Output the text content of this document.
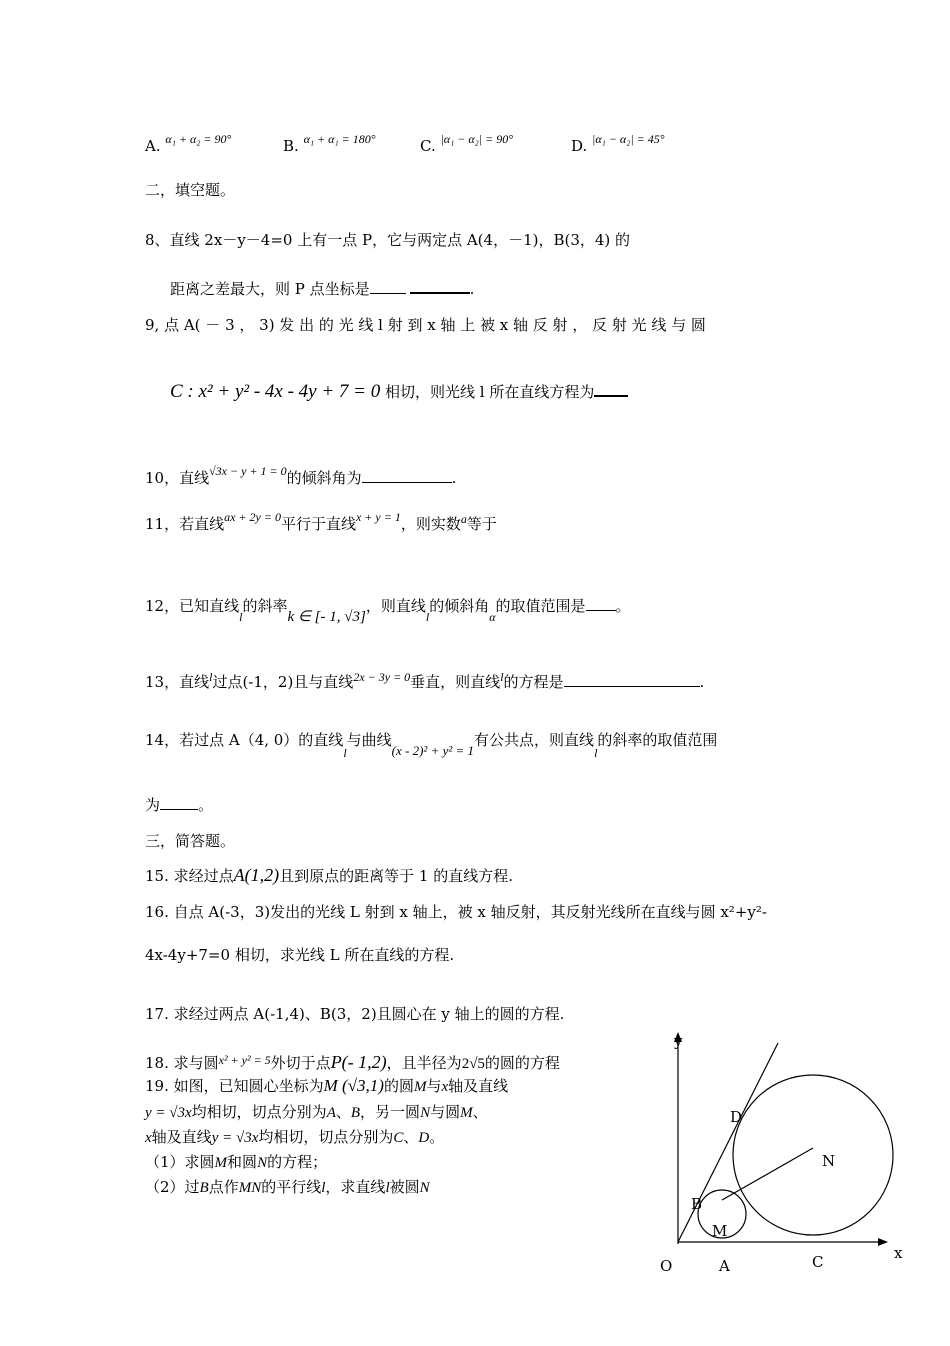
A. $^{\alpha_1 + \alpha_2 = 90^\circ}$	B. $^{\alpha_1 + \alpha_1 = 180^\circ}$	C. $^{|\alpha_1 - \alpha_2| = 90^\circ}$	D. $^{|\alpha_1 - \alpha_2| = 45^\circ}$
二，填空题。
8、直线 2x－y－4=0 上有一点 P，它与两定点 A(4，－1)，B(3，4) 的
距离之差最大，则 P 点坐标是	.
9, 点 A( － 3 ， 3) 发 出 的 光 线 l 射 到 x 轴 上 被 x 轴 反 射 ， 反 射 光 线 与 圆
C : x² + y² - 4x - 4y + 7 = 0 相切，则光线 l 所在直线方程为
10，直线$^{√3x - y + 1 = 0}$的倾斜角为	.
11，若直线$^{ax + 2y = 0}$平行于直线$^{x + y = 1}$，则实数$^a$等于
12，已知直线$_l$的斜率k ∈ [- 1, √3]，则直线$_l$的倾斜角$_\alpha$的取值范围是 。
13，直线$^l$过点(-1，2)且与直线$^{2x - 3y = 0}$垂直，则直线$^l$的方程是	.
14，若过点 A（4, 0）的直线$_l$与曲线(x - 2)² + y² = 1有公共点，则直线$_l$的斜率的取值范围
为	。
三，简答题。
15. 求经过点A(1,2)且到原点的距离等于 1 的直线方程.
16. 自点 A(-3，3)发出的光线 L 射到 x 轴上，被 x 轴反射，其反射光线所在直线与圆 x²+y²-
4x-4y+7=0 相切，求光线 L 所在直线的方程.
17. 求经过两点 A(-1,4)、B(3，2)且圆心在 y 轴上的圆的方程.
18. 求与圆$^{x^2 + y^2 = 5}$外切于点P(- 1,2)，且半径为2√5的圆的方程
19. 如图，已知圆心坐标为M (√3,1)的圆M与x轴及直线
y = √3x均相切，切点分别为A、B，另一圆N与圆M、
x轴及直线y = √3x均相切，切点分别为C、D。
（1）求圆M和圆N的方程；
（2）过B点作MN的平行线l，求直线l被圆N
y
x
O	A	C
B
D
M
N
